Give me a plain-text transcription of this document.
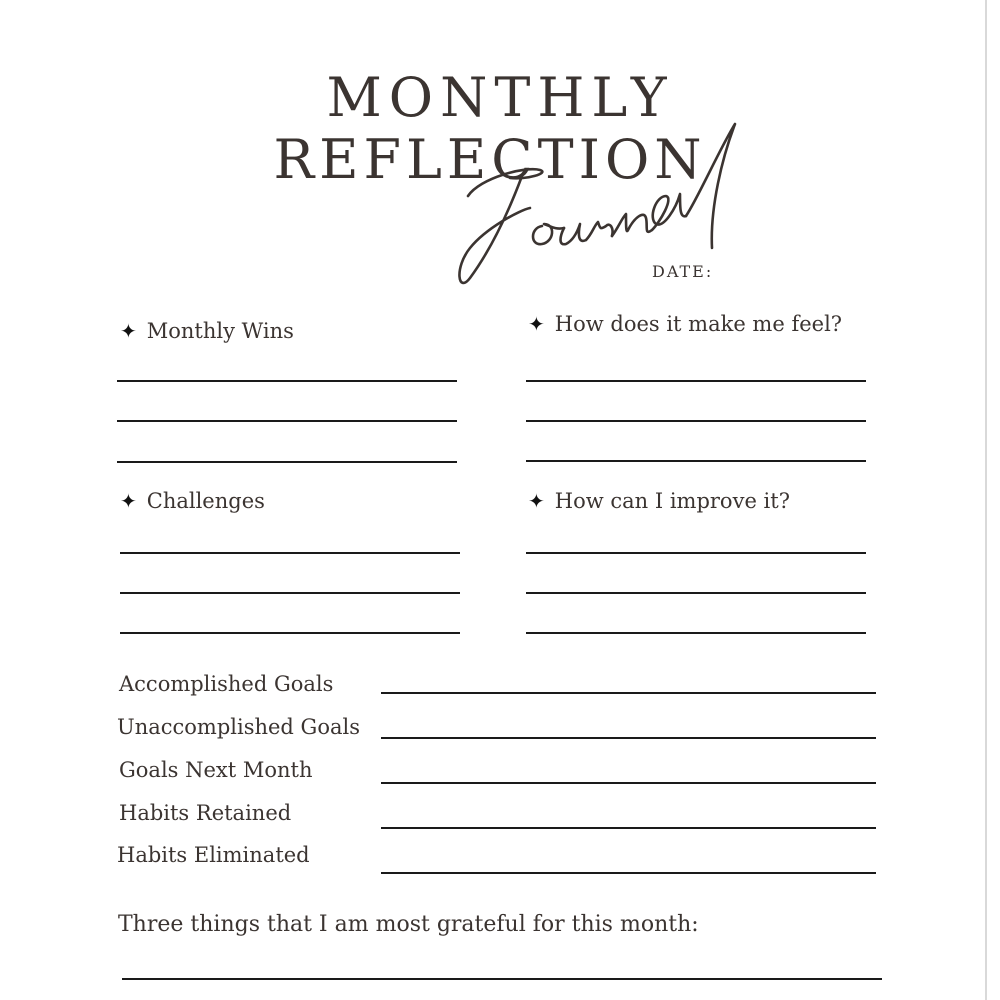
MONTHLY
REFLECTION
DATE:
✦ Monthly Wins	✦ How does it make me feel?
✦ Challenges	✦ How can I improve it?
Accomplished Goals
Unaccomplished Goals
Goals Next Month
Habits Retained
Habits Eliminated
Three things that I am most grateful for this month:
